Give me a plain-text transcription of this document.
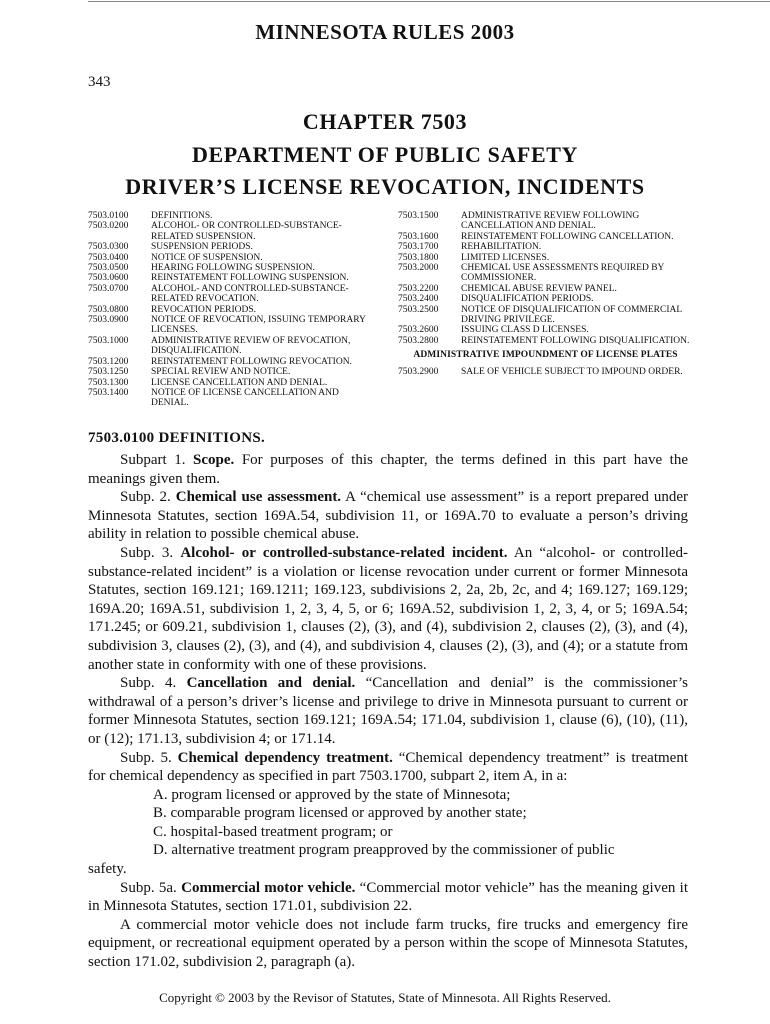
MINNESOTA RULES 2003
343
CHAPTER 7503
DEPARTMENT OF PUBLIC SAFETY
DRIVER’S LICENSE REVOCATION, INCIDENTS
7503.0100	DEFINITIONS.
7503.0200	ALCOHOL- OR CONTROLLED-SUBSTANCE-RELATED SUSPENSION.
7503.0300	SUSPENSION PERIODS.
7503.0400	NOTICE OF SUSPENSION.
7503.0500	HEARING FOLLOWING SUSPENSION.
7503.0600	REINSTATEMENT FOLLOWING SUSPENSION.
7503.0700	ALCOHOL- AND CONTROLLED-SUBSTANCE-RELATED REVOCATION.
7503.0800	REVOCATION PERIODS.
7503.0900	NOTICE OF REVOCATION, ISSUING TEMPORARY LICENSES.
7503.1000	ADMINISTRATIVE REVIEW OF REVOCATION, DISQUALIFICATION.
7503.1200	REINSTATEMENT FOLLOWING REVOCATION.
7503.1250	SPECIAL REVIEW AND NOTICE.
7503.1300	LICENSE CANCELLATION AND DENIAL.
7503.1400	NOTICE OF LICENSE CANCELLATION AND DENIAL.
7503.1500	ADMINISTRATIVE REVIEW FOLLOWING CANCELLATION AND DENIAL.
7503.1600	REINSTATEMENT FOLLOWING CANCELLATION.
7503.1700	REHABILITATION.
7503.1800	LIMITED LICENSES.
7503.2000	CHEMICAL USE ASSESSMENTS REQUIRED BY COMMISSIONER.
7503.2200	CHEMICAL ABUSE REVIEW PANEL.
7503.2400	DISQUALIFICATION PERIODS.
7503.2500	NOTICE OF DISQUALIFICATION OF COMMERCIAL DRIVING PRIVILEGE.
7503.2600	ISSUING CLASS D LICENSES.
7503.2800	REINSTATEMENT FOLLOWING DISQUALIFICATION.
ADMINISTRATIVE IMPOUNDMENT OF LICENSE PLATES
7503.2900	SALE OF VEHICLE SUBJECT TO IMPOUND ORDER.
7503.0100 DEFINITIONS.

Subpart 1. Scope. For purposes of this chapter, the terms defined in this part have the meanings given them.

Subp. 2. Chemical use assessment. A “chemical use assessment” is a report prepared under Minnesota Statutes, section 169A.54, subdivision 11, or 169A.70 to evaluate a person’s driving ability in relation to possible chemical abuse.

Subp. 3. Alcohol- or controlled-substance-related incident. An “alcohol- or controlled-substance-related incident” is a violation or license revocation under current or former Minnesota Statutes, section 169.121; 169.1211; 169.123, subdivisions 2, 2a, 2b, 2c, and 4; 169.127; 169.129; 169A.20; 169A.51, subdivision 1, 2, 3, 4, 5, or 6; 169A.52, subdivision 1, 2, 3, 4, or 5; 169A.54; 171.245; or 609.21, subdivision 1, clauses (2), (3), and (4), subdivision 2, clauses (2), (3), and (4), subdivision 3, clauses (2), (3), and (4), and subdivision 4, clauses (2), (3), and (4); or a statute from another state in conformity with one of these provisions.

Subp. 4. Cancellation and denial. “Cancellation and denial” is the commissioner’s withdrawal of a person’s driver’s license and privilege to drive in Minnesota pursuant to current or former Minnesota Statutes, section 169.121; 169A.54; 171.04, subdivision 1, clause (6), (10), (11), or (12); 171.13, subdivision 4; or 171.14.

Subp. 5. Chemical dependency treatment. “Chemical dependency treatment” is treatment for chemical dependency as specified in part 7503.1700, subpart 2, item A, in a:

A. program licensed or approved by the state of Minnesota;

B. comparable program licensed or approved by another state;

C. hospital-based treatment program; or

D. alternative treatment program preapproved by the commissioner of public

safety.

Subp. 5a. Commercial motor vehicle. “Commercial motor vehicle” has the meaning given it in Minnesota Statutes, section 171.01, subdivision 22.

A commercial motor vehicle does not include farm trucks, fire trucks and emergency fire equipment, or recreational equipment operated by a person within the scope of Minnesota Statutes, section 171.02, subdivision 2, paragraph (a).

Copyright © 2003 by the Revisor of Statutes, State of Minnesota. All Rights Reserved.
